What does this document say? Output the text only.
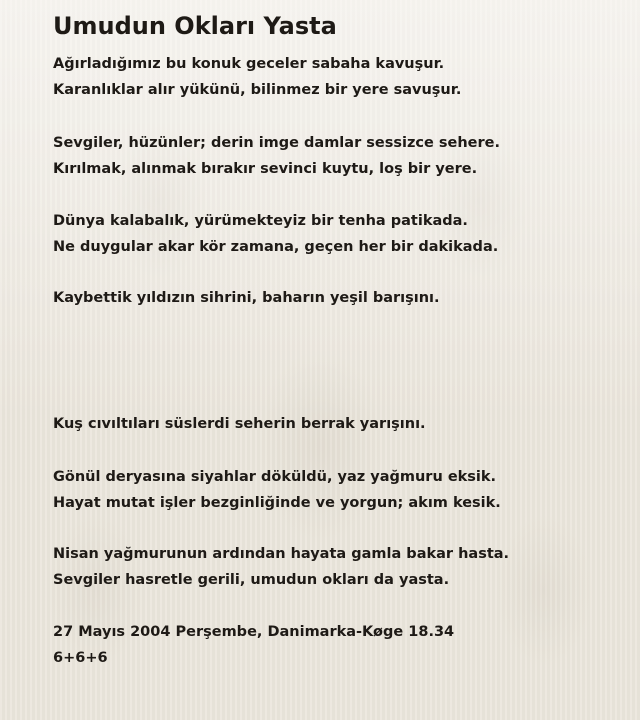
Umudun Okları Yasta

Ağırladığımız bu konuk geceler sabaha kavuşur.

Karanlıklar alır yükünü, bilinmez bir yere savuşur.

Sevgiler, hüzünler; derin imge damlar sessizce sehere.

Kırılmak, alınmak bırakır sevinci kuytu, loş bir yere.

Dünya kalabalık, yürümekteyiz bir tenha patikada.

Ne duygular akar kör zamana, geçen her bir dakikada.

Kaybettik yıldızın sihrini, baharın yeşil barışını.

Kuş cıvıltıları süslerdi seherin berrak yarışını.

Gönül deryasına siyahlar döküldü, yaz yağmuru eksik.

Hayat mutat işler bezginliğinde ve yorgun; akım kesik.

Nisan yağmurunun ardından hayata gamla bakar hasta.

Sevgiler hasretle gerili, umudun okları da yasta.

27 Mayıs 2004 Perşembe, Danimarka-Køge 18.34

6+6+6
